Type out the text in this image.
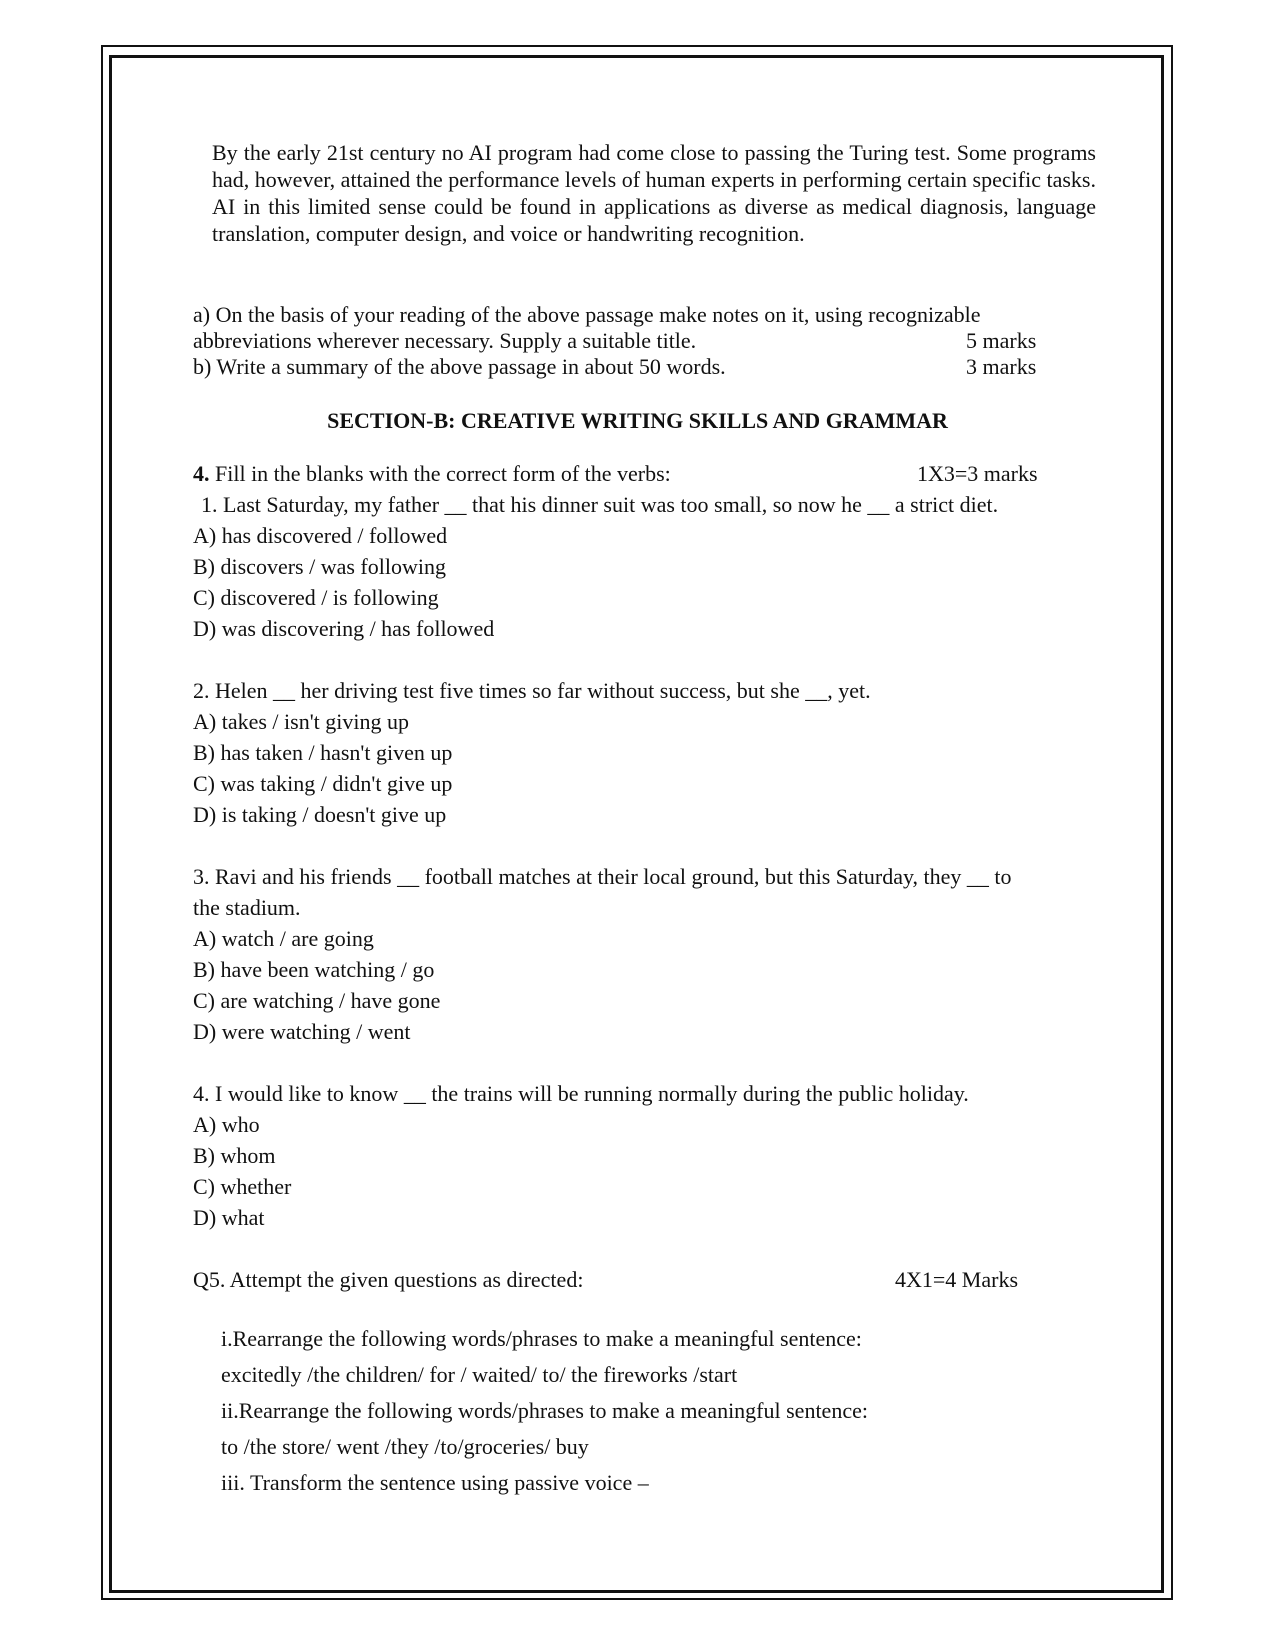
By the early 21st century no AI program had come close to passing the Turing test. Some programs had, however, attained the performance levels of human experts in performing certain specific tasks. AI in this limited sense could be found in applications as diverse as medical diagnosis, language translation, computer design, and voice or handwriting recognition.

a) On the basis of your reading of the above passage make notes on it, using recognizable
abbreviations wherever necessary. Supply a suitable title.	5 marks
b) Write a summary of the above passage in about 50 words.	3 marks
SECTION-B: CREATIVE WRITING SKILLS AND GRAMMAR
4. Fill in the blanks with the correct form of the verbs:	1X3=3 marks
1. Last Saturday, my father __ that his dinner suit was too small, so now he __ a strict diet.
A) has discovered / followed
B) discovers / was following
C) discovered / is following
D) was discovering / has followed
2. Helen __ her driving test five times so far without success, but she __, yet.
A) takes / isn't giving up
B) has taken / hasn't given up
C) was taking / didn't give up
D) is taking / doesn't give up
3. Ravi and his friends __ football matches at their local ground, but this Saturday, they __ to
the stadium.
A) watch / are going
B) have been watching / go
C) are watching / have gone
D) were watching / went
4. I would like to know __ the trains will be running normally during the public holiday.
A) who
B) whom
C) whether
D) what
Q5. Attempt the given questions as directed:	4X1=4 Marks
i.Rearrange the following words/phrases to make a meaningful sentence:
excitedly /the children/ for / waited/ to/ the fireworks /start
ii.Rearrange the following words/phrases to make a meaningful sentence:
to /the store/ went /they /to/groceries/ buy
iii. Transform the sentence using passive voice –
